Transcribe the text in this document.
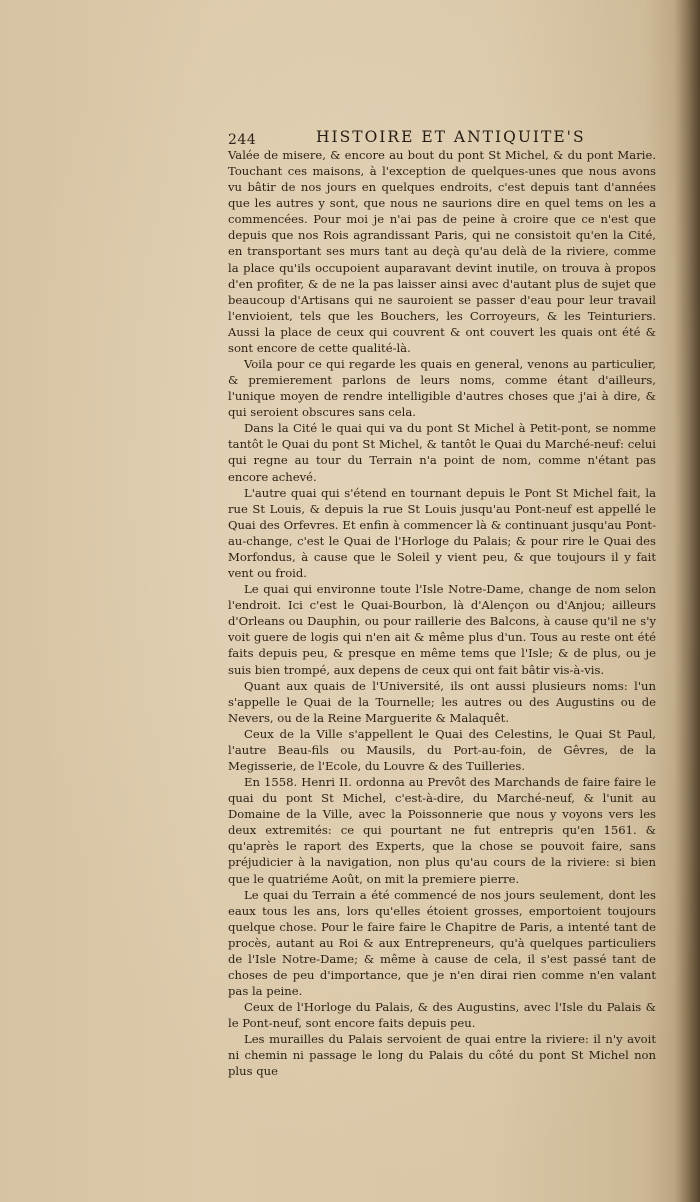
244	HISTOIRE ET ANTIQUITE'S

Valée de misere, & encore au bout du pont St Michel, & du pont Marie. Touchant ces maisons, à l'exception de quelques-unes que nous avons vu bâtir de nos jours en quelques endroits, c'est depuis tant d'années que les autres y sont, que nous ne saurions dire en quel tems on les a commencées. Pour moi je n'ai pas de peine à croire que ce n'est que depuis que nos Rois agrandissant Paris, qui ne consistoit qu'en la Cité, en transportant ses murs tant au deçà qu'au delà de la riviere, comme la place qu'ils occupoient auparavant devint inutile, on trouva à propos d'en profiter, & de ne la pas laisser ainsi avec d'autant plus de sujet que beaucoup d'Artisans qui ne sauroient se passer d'eau pour leur travail l'envioient, tels que les Bouchers, les Corroyeurs, & les Teinturiers. Aussi la place de ceux qui couvrent & ont couvert les quais ont été & sont encore de cette qualité-là.

Voila pour ce qui regarde les quais en general, venons au particulier, & premierement parlons de leurs noms, comme étant d'ailleurs, l'unique moyen de rendre intelligible d'autres choses que j'ai à dire, & qui seroient obscures sans cela.

Dans la Cité le quai qui va du pont St Michel à Petit-pont, se nomme tantôt le Quai du pont St Michel, & tantôt le Quai du Marché-neuf: celui qui regne au tour du Terrain n'a point de nom, comme n'étant pas encore achevé.

L'autre quai qui s'étend en tournant depuis le Pont St Michel fait, la rue St Louis, & depuis la rue St Louis jusqu'au Pont-neuf est appellé le Quai des Orfevres. Et enfin à commencer là & continuant jusqu'au Pont-au-change, c'est le Quai de l'Horloge du Palais; & pour rire le Quai des Morfondus, à cause que le Soleil y vient peu, & que toujours il y fait vent ou froid.

Le quai qui environne toute l'Isle Notre-Dame, change de nom selon l'endroit. Ici c'est le Quai-Bourbon, là d'Alençon ou d'Anjou; ailleurs d'Orleans ou Dauphin, ou pour raillerie des Balcons, à cause qu'il ne s'y voit guere de logis qui n'en ait & même plus d'un. Tous au reste ont été faits depuis peu, & presque en même tems que l'Isle; & de plus, ou je suis bien trompé, aux depens de ceux qui ont fait bâtir vis-à-vis.

Quant aux quais de l'Université, ils ont aussi plusieurs noms: l'un s'appelle le Quai de la Tournelle; les autres ou des Augustins ou de Nevers, ou de la Reine Marguerite & Malaquêt.

Ceux de la Ville s'appellent le Quai des Celestins, le Quai St Paul, l'autre Beau-fils ou Mausils, du Port-au-foin, de Gêvres, de la Megisserie, de l'Ecole, du Louvre & des Tuilleries.

En 1558. Henri II. ordonna au Prevôt des Marchands de faire faire le quai du pont St Michel, c'est-à-dire, du Marché-neuf, & l'unit au Domaine de la Ville, avec la Poissonnerie que nous y voyons vers les deux extremités: ce qui pourtant ne fut entrepris qu'en 1561. & qu'après le raport des Experts, que la chose se pouvoit faire, sans préjudicier à la navigation, non plus qu'au cours de la riviere: si bien que le quatriéme Août, on mit la premiere pierre.

Le quai du Terrain a été commencé de nos jours seulement, dont les eaux tous les ans, lors qu'elles étoient grosses, emportoient toujours quelque chose. Pour le faire faire le Chapitre de Paris, a intenté tant de procès, autant au Roi & aux Entrepreneurs, qu'à quelques particuliers de l'Isle Notre-Dame; & même à cause de cela, il s'est passé tant de choses de peu d'importance, que je n'en dirai rien comme n'en valant pas la peine.

Ceux de l'Horloge du Palais, & des Augustins, avec l'Isle du Palais & le Pont-neuf, sont encore faits depuis peu.

Les murailles du Palais servoient de quai entre la riviere: il n'y avoit ni chemin ni passage le long du Palais du côté du pont St Michel non plus que
